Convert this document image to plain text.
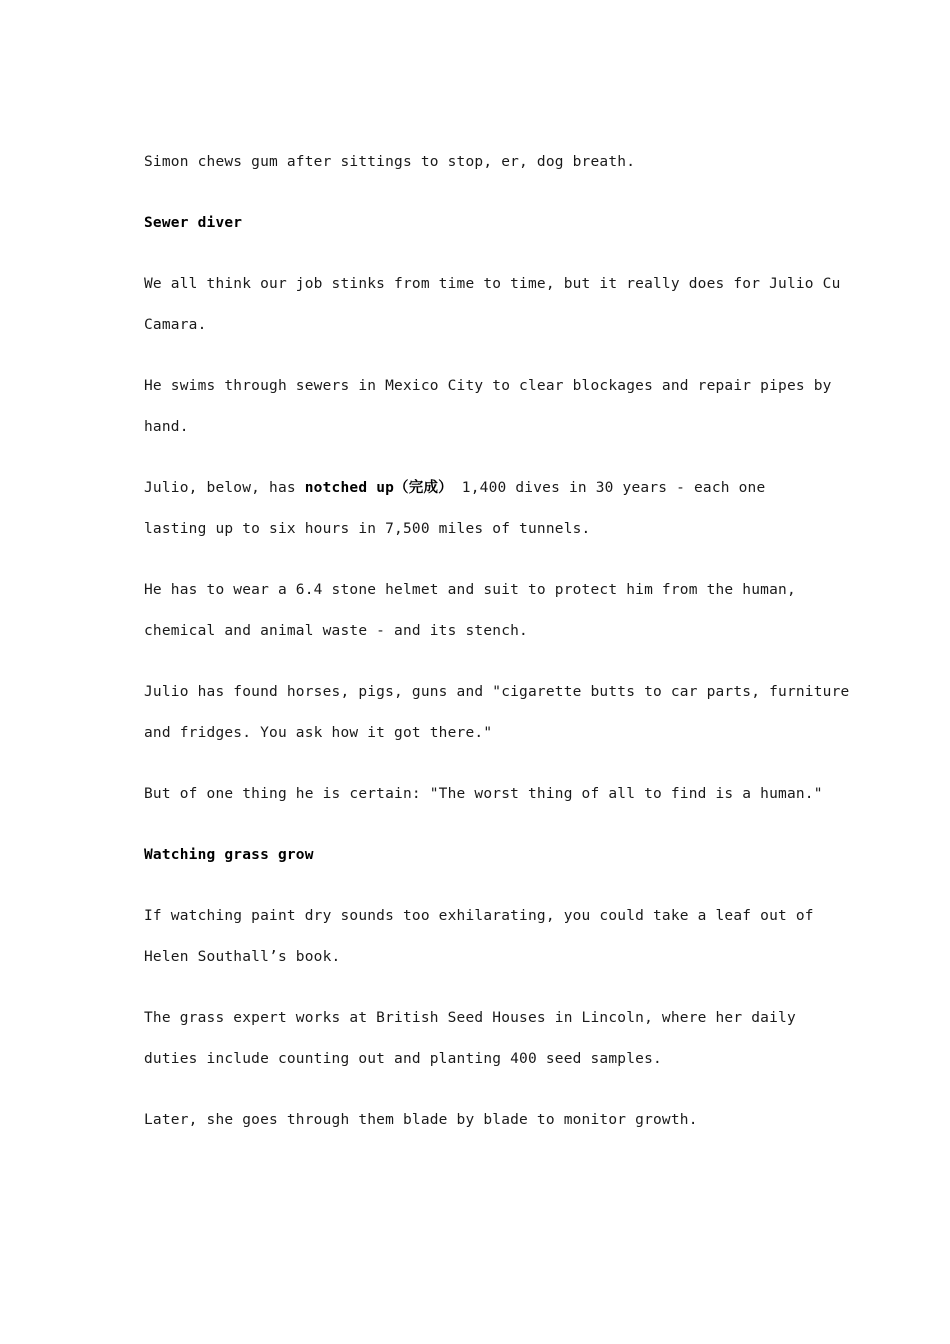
Simon chews gum after sittings to stop, er, dog breath.
Sewer diver
We all think our job stinks from time to time, but it really does for Julio Cu
Camara.
He swims through sewers in Mexico City to clear blockages and repair pipes by
hand.
Julio, below, has notched up（完成） 1,400 dives in 30 years - each one
lasting up to six hours in 7,500 miles of tunnels.
He has to wear a 6.4 stone helmet and suit to protect him from the human,
chemical and animal waste - and its stench.
Julio has found horses, pigs, guns and "cigarette butts to car parts, furniture
and fridges. You ask how it got there."
But of one thing he is certain: "The worst thing of all to find is a human."
Watching grass grow
If watching paint dry sounds too exhilarating, you could take a leaf out of
Helen Southall’s book.
The grass expert works at British Seed Houses in Lincoln, where her daily
duties include counting out and planting 400 seed samples.
Later, she goes through them blade by blade to monitor growth.
